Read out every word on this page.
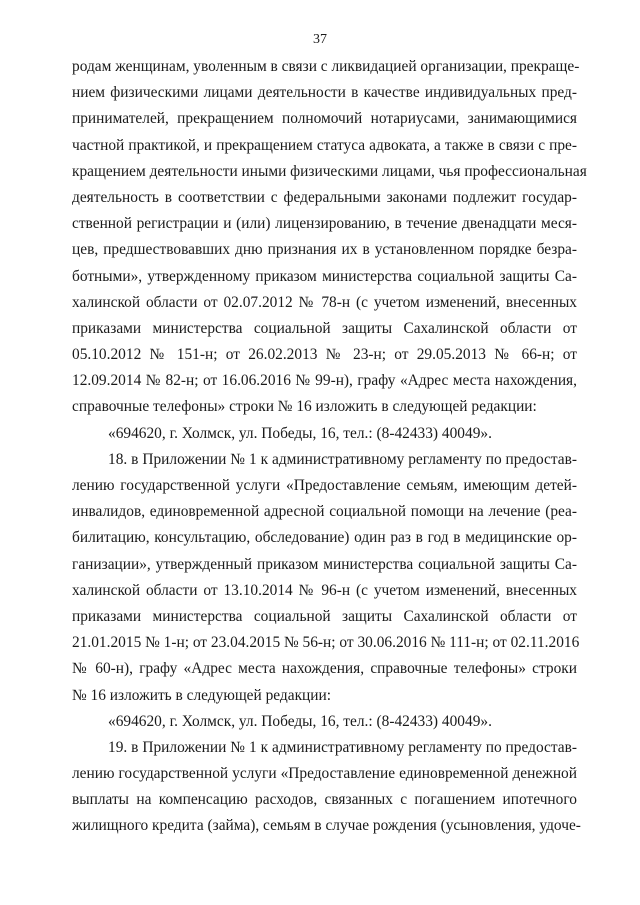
37
родам женщинам, уволенным в связи с ликвидацией организации, прекраще-
нием физическими лицами деятельности в качестве индивидуальных пред-
принимателей, прекращением полномочий нотариусами, занимающимися
частной практикой, и прекращением статуса адвоката, а также в связи с пре-
кращением деятельности иными физическими лицами, чья профессиональная
деятельность в соответствии с федеральными законами подлежит государ-
ственной регистрации и (или) лицензированию, в течение двенадцати меся-
цев, предшествовавших дню признания их в установленном порядке безра-
ботными», утвержденному приказом министерства социальной защиты Са-
халинской области от 02.07.2012 № 78-н (с учетом изменений, внесенных
приказами министерства социальной защиты Сахалинской области от
05.10.2012 № 151-н; от 26.02.2013 № 23-н; от 29.05.2013 № 66-н; от
12.09.2014 № 82-н; от 16.06.2016 № 99-н), графу «Адрес места нахождения,
справочные телефоны» строки № 16 изложить в следующей редакции:
«694620, г. Холмск, ул. Победы, 16, тел.: (8-42433) 40049».
18. в Приложении № 1 к административному регламенту по предостав-
лению государственной услуги «Предоставление семьям, имеющим детей-
инвалидов, единовременной адресной социальной помощи на лечение (реа-
билитацию, консультацию, обследование) один раз в год в медицинские ор-
ганизации», утвержденный приказом министерства социальной защиты Са-
халинской области от 13.10.2014 № 96-н (с учетом изменений, внесенных
приказами министерства социальной защиты Сахалинской области от
21.01.2015 № 1-н; от 23.04.2015 № 56-н; от 30.06.2016 № 111-н; от 02.11.2016
№ 60-н), графу «Адрес места нахождения, справочные телефоны» строки
№ 16 изложить в следующей редакции:
«694620, г. Холмск, ул. Победы, 16, тел.: (8-42433) 40049».
19. в Приложении № 1 к административному регламенту по предостав-
лению государственной услуги «Предоставление единовременной денежной
выплаты на компенсацию расходов, связанных с погашением ипотечного
жилищного кредита (займа), семьям в случае рождения (усыновления, удоче-
